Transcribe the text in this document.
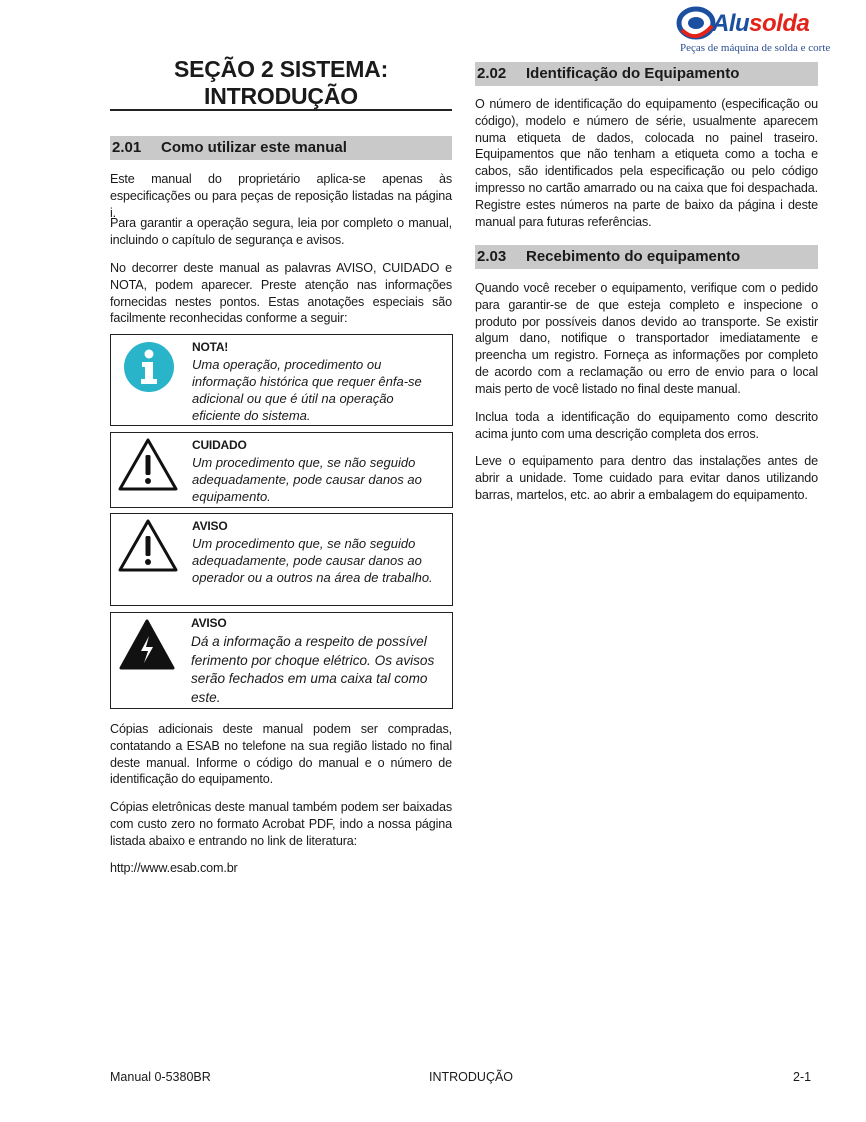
Alusolda
Peças de máquina de solda e corte
SEÇÃO 2 SISTEMA:
INTRODUÇÃO
2.01 Como utilizar este manual
Este manual do proprietário aplica-se apenas às especificações ou para peças de reposição listadas na página i.
Para garantir a operação segura, leia por completo o manual, incluindo o capítulo de segurança e avisos.
No decorrer deste manual as palavras AVISO, CUIDADO e NOTA, podem aparecer. Preste atenção nas informações fornecidas nestes pontos. Estas anotações especiais são facilmente reconhecidas conforme a seguir:
NOTA!
Uma operação, procedimento ou informação histórica que requer ênfa-se adicional ou que é útil na operação eficiente do sistema.
CUIDADO
Um procedimento que, se não seguido adequadamente, pode causar danos ao equipamento.
AVISO
Um procedimento que, se não seguido adequadamente, pode causar danos ao operador ou a outros na área de trabalho.
AVISO
Dá a informação a respeito de possível ferimento por choque elétrico. Os avisos serão fechados em uma caixa tal como este.
Cópias adicionais deste manual podem ser compradas, contatando a ESAB no telefone na sua região listado no final deste manual. Informe o código do manual e o número de identificação do equipamento.
Cópias eletrônicas deste manual também podem ser baixadas com custo zero no formato Acrobat PDF, indo a nossa página listada abaixo e entrando no link de literatura:
http://www.esab.com.br
2.02 Identificação do Equipamento
O número de identificação do equipamento (especificação ou código), modelo e número de série, usualmente aparecem numa etiqueta de dados, colocada no painel traseiro. Equipamentos que não tenham a etiqueta como a tocha e cabos, são identificados pela especificação ou pelo código impresso no cartão amarrado ou na caixa que foi despachada. Registre estes números na parte de baixo da página i deste manual para futuras referências.
2.03 Recebimento do equipamento
Quando você receber o equipamento, verifique com o pedido para garantir-se de que esteja completo e inspecione o produto por possíveis danos devido ao transporte. Se existir algum dano, notifique o transportador imediatamente e preencha um registro. Forneça as informações por completo de acordo com a reclamação ou erro de envio para o local mais perto de você listado no final deste manual.
Inclua toda a identificação do equipamento como descrito acima junto com uma descrição completa dos erros.
Leve o equipamento para dentro das instalações antes de abrir a unidade. Tome cuidado para evitar danos utilizando barras, martelos, etc. ao abrir a embalagem do equipamento.
Manual 0-5380BR	INTRODUÇÃO	2-1
